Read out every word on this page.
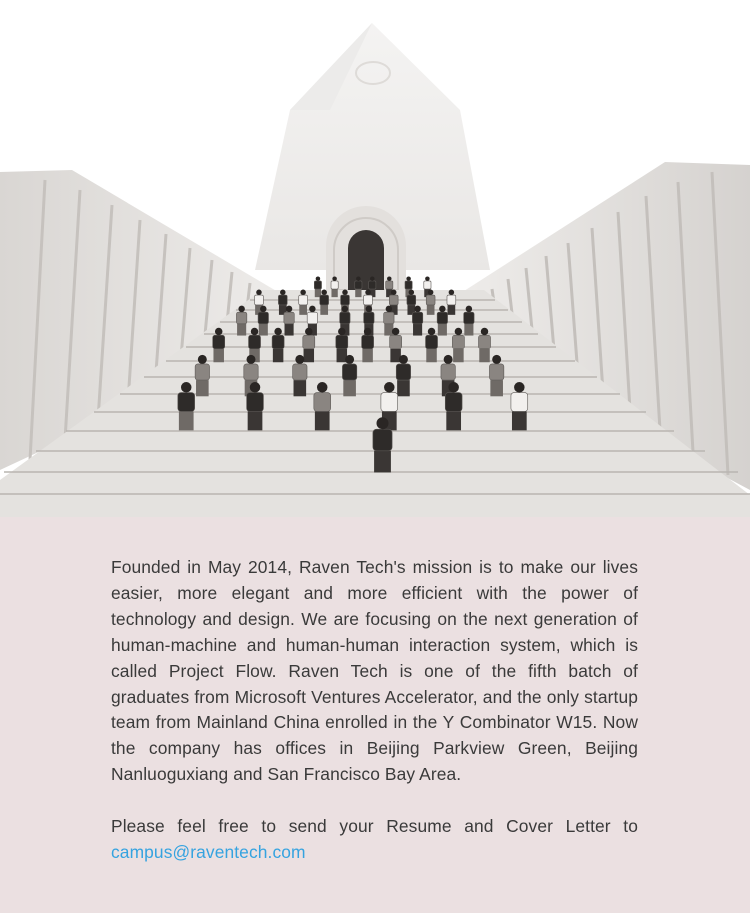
Founded in May 2014, Raven Tech's mission is to make our lives easier, more elegant and more efficient with the power of technology and design. We are focusing on the next generation of human-machine and human-human interaction system, which is called Project Flow. Raven Tech is one of the fifth batch of graduates from Microsoft Ventures Accelerator, and the only startup team from Mainland China enrolled in the Y Combinator W15. Now the company has offices in Beijing Parkview Green, Beijing Nanluoguxiang and San Francisco Bay Area.

Please feel free to send your Resume and Cover Letter to campus@raventech.com
